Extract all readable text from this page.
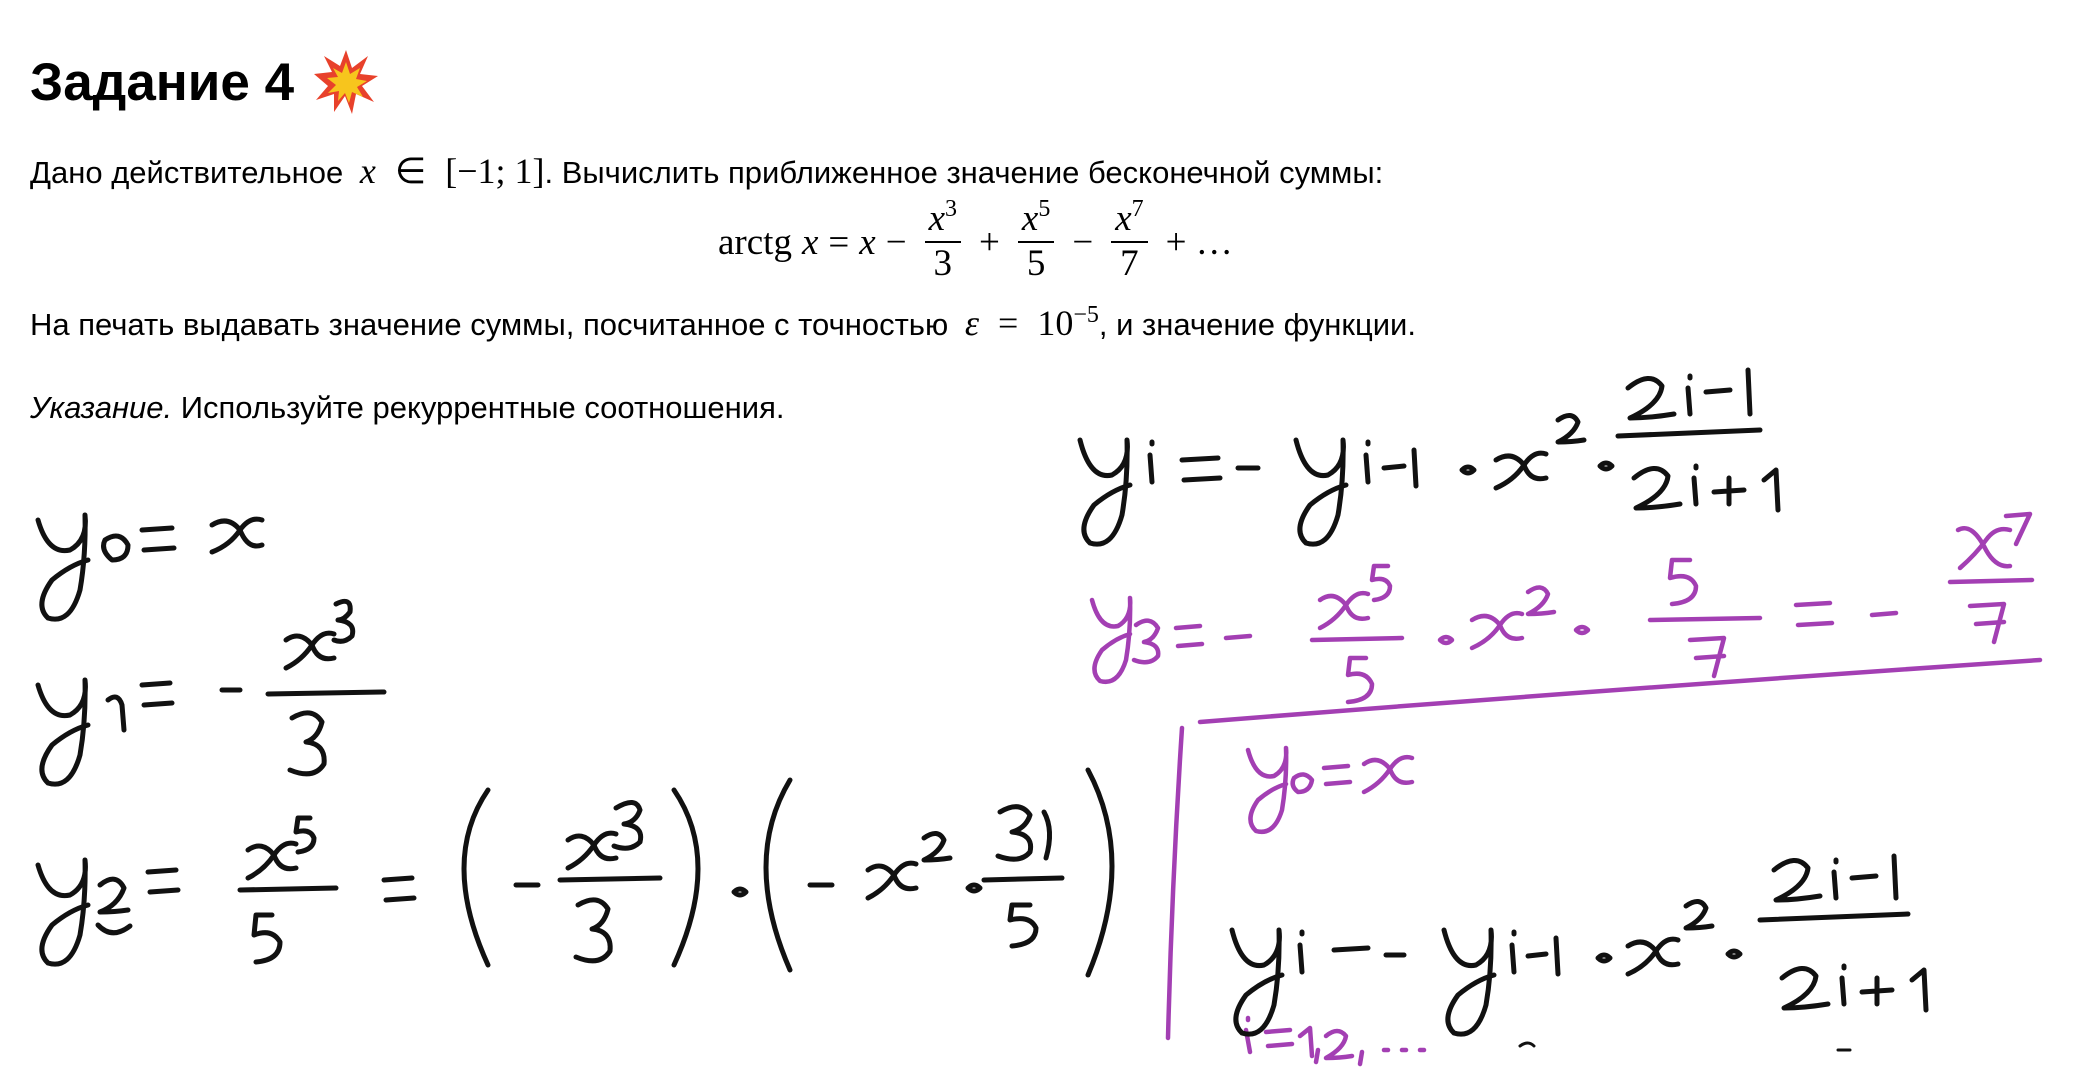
Задание 4
Дано действительное x ∈ [−1; 1]. Вычислить приближенное значение бесконечной суммы:
arctg $x = x - \frac{x^3}{3} + \frac{x^5}{5} - \frac{x^7}{7}$ + …
На печать выдавать значение суммы, посчитанное с точностью $\varepsilon = 10^{-5}$, и значение функции.
Указание. Используйте рекуррентные соотношения.
